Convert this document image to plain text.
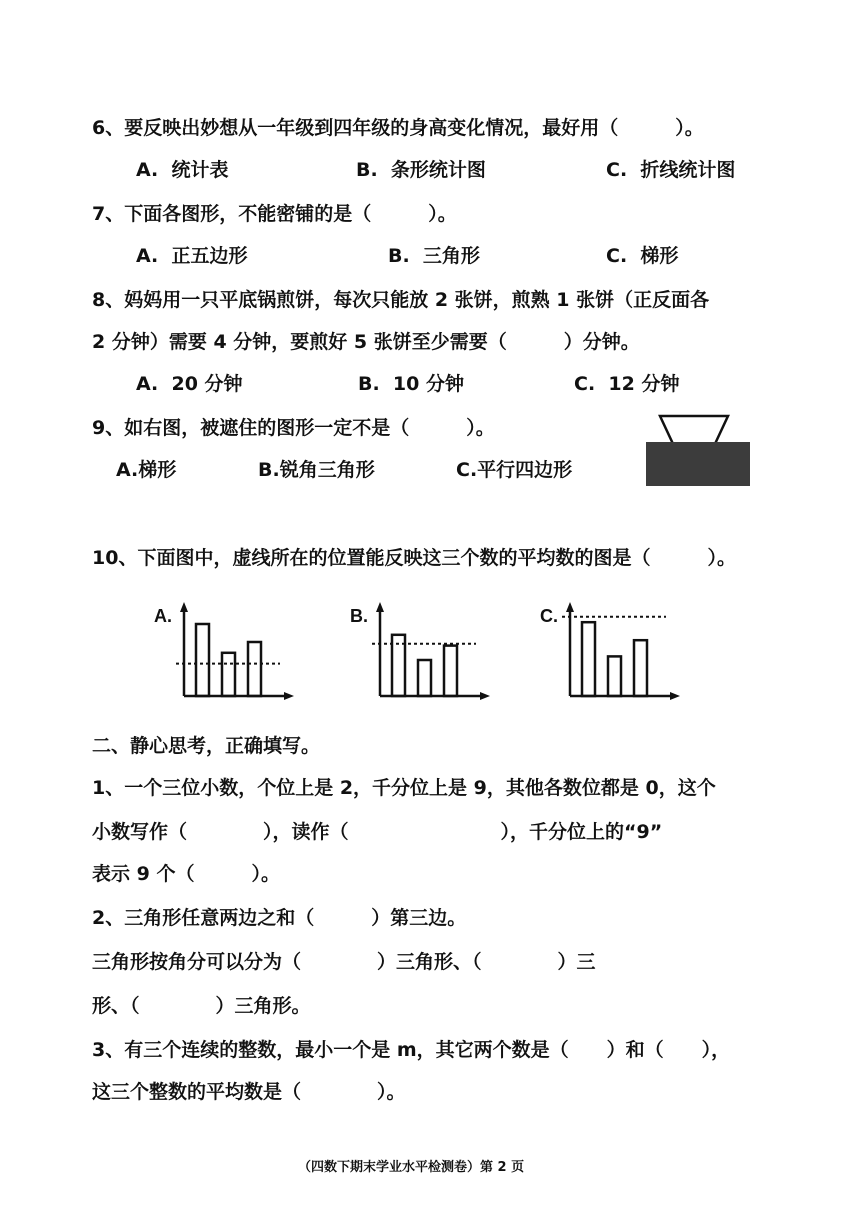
6、要反映出妙想从一年级到四年级的身高变化情况，最好用（　　　）。
A.  统计表	B.  条形统计图	C.  折线统计图
7、下面各图形，不能密铺的是（　　　）。
A.  正五边形	B.  三角形	C.  梯形
8、妈妈用一只平底锅煎饼，每次只能放 2 张饼，煎熟 1 张饼（正反面各
2 分钟）需要 4 分钟，要煎好 5 张饼至少需要（　　　）分钟。
A.  20 分钟	B.  10 分钟	C.  12 分钟
9、如右图，被遮住的图形一定不是（　　　）。
A.梯形	B.锐角三角形	C.平行四边形
10、下面图中，虚线所在的位置能反映这三个数的平均数的图是（　　　）。
A.	B.	C.
二、静心思考，正确填写。
1、一个三位小数，个位上是 2，千分位上是 9，其他各数位都是 0，这个
小数写作（　　　　），读作（　　　　　　　　），千分位上的“9”
表示 9 个（　　　）。
2、三角形任意两边之和（　　　）第三边。
三角形按角分可以分为（　　　　）三角形、（　　　　）三
形、（　　　　）三角形。
3、有三个连续的整数，最小一个是 m，其它两个数是（　　）和（　　），
这三个整数的平均数是（　　　　）。
（四数下期末学业水平检测卷）第 2 页
